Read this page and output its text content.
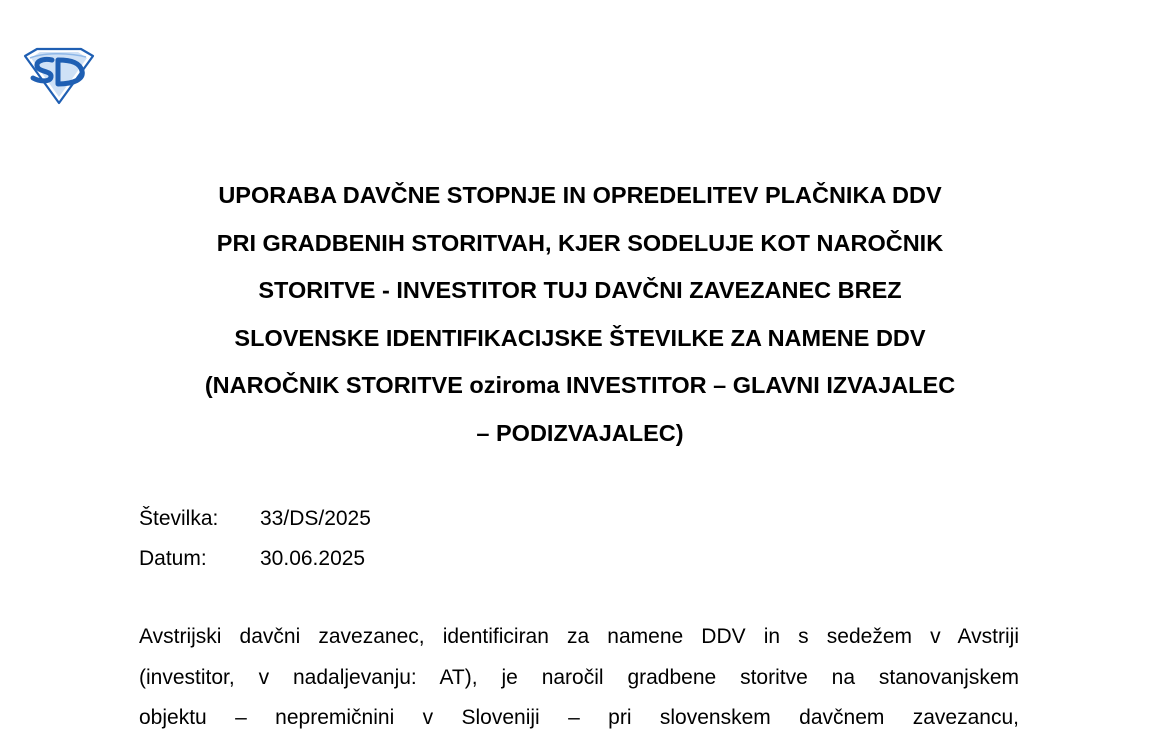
UPORABA DAVČNE STOPNJE IN OPREDELITEV PLAČNIKA DDV
PRI GRADBENIH STORITVAH, KJER SODELUJE KOT NAROČNIK
STORITVE - INVESTITOR TUJ DAVČNI ZAVEZANEC BREZ
SLOVENSKE IDENTIFIKACIJSKE ŠTEVILKE ZA NAMENE DDV
(NAROČNIK STORITVE oziroma INVESTITOR – GLAVNI IZVAJALEC
– PODIZVAJALEC)
Številka:	33/DS/2025
Datum:	30.06.2025
Avstrijski davčni zavezanec, identificiran za namene DDV in s sedežem v Avstriji
(investitor, v nadaljevanju: AT), je naročil gradbene storitve na stanovanjskem
objektu – nepremičnini v Sloveniji – pri slovenskem davčnem zavezancu,
